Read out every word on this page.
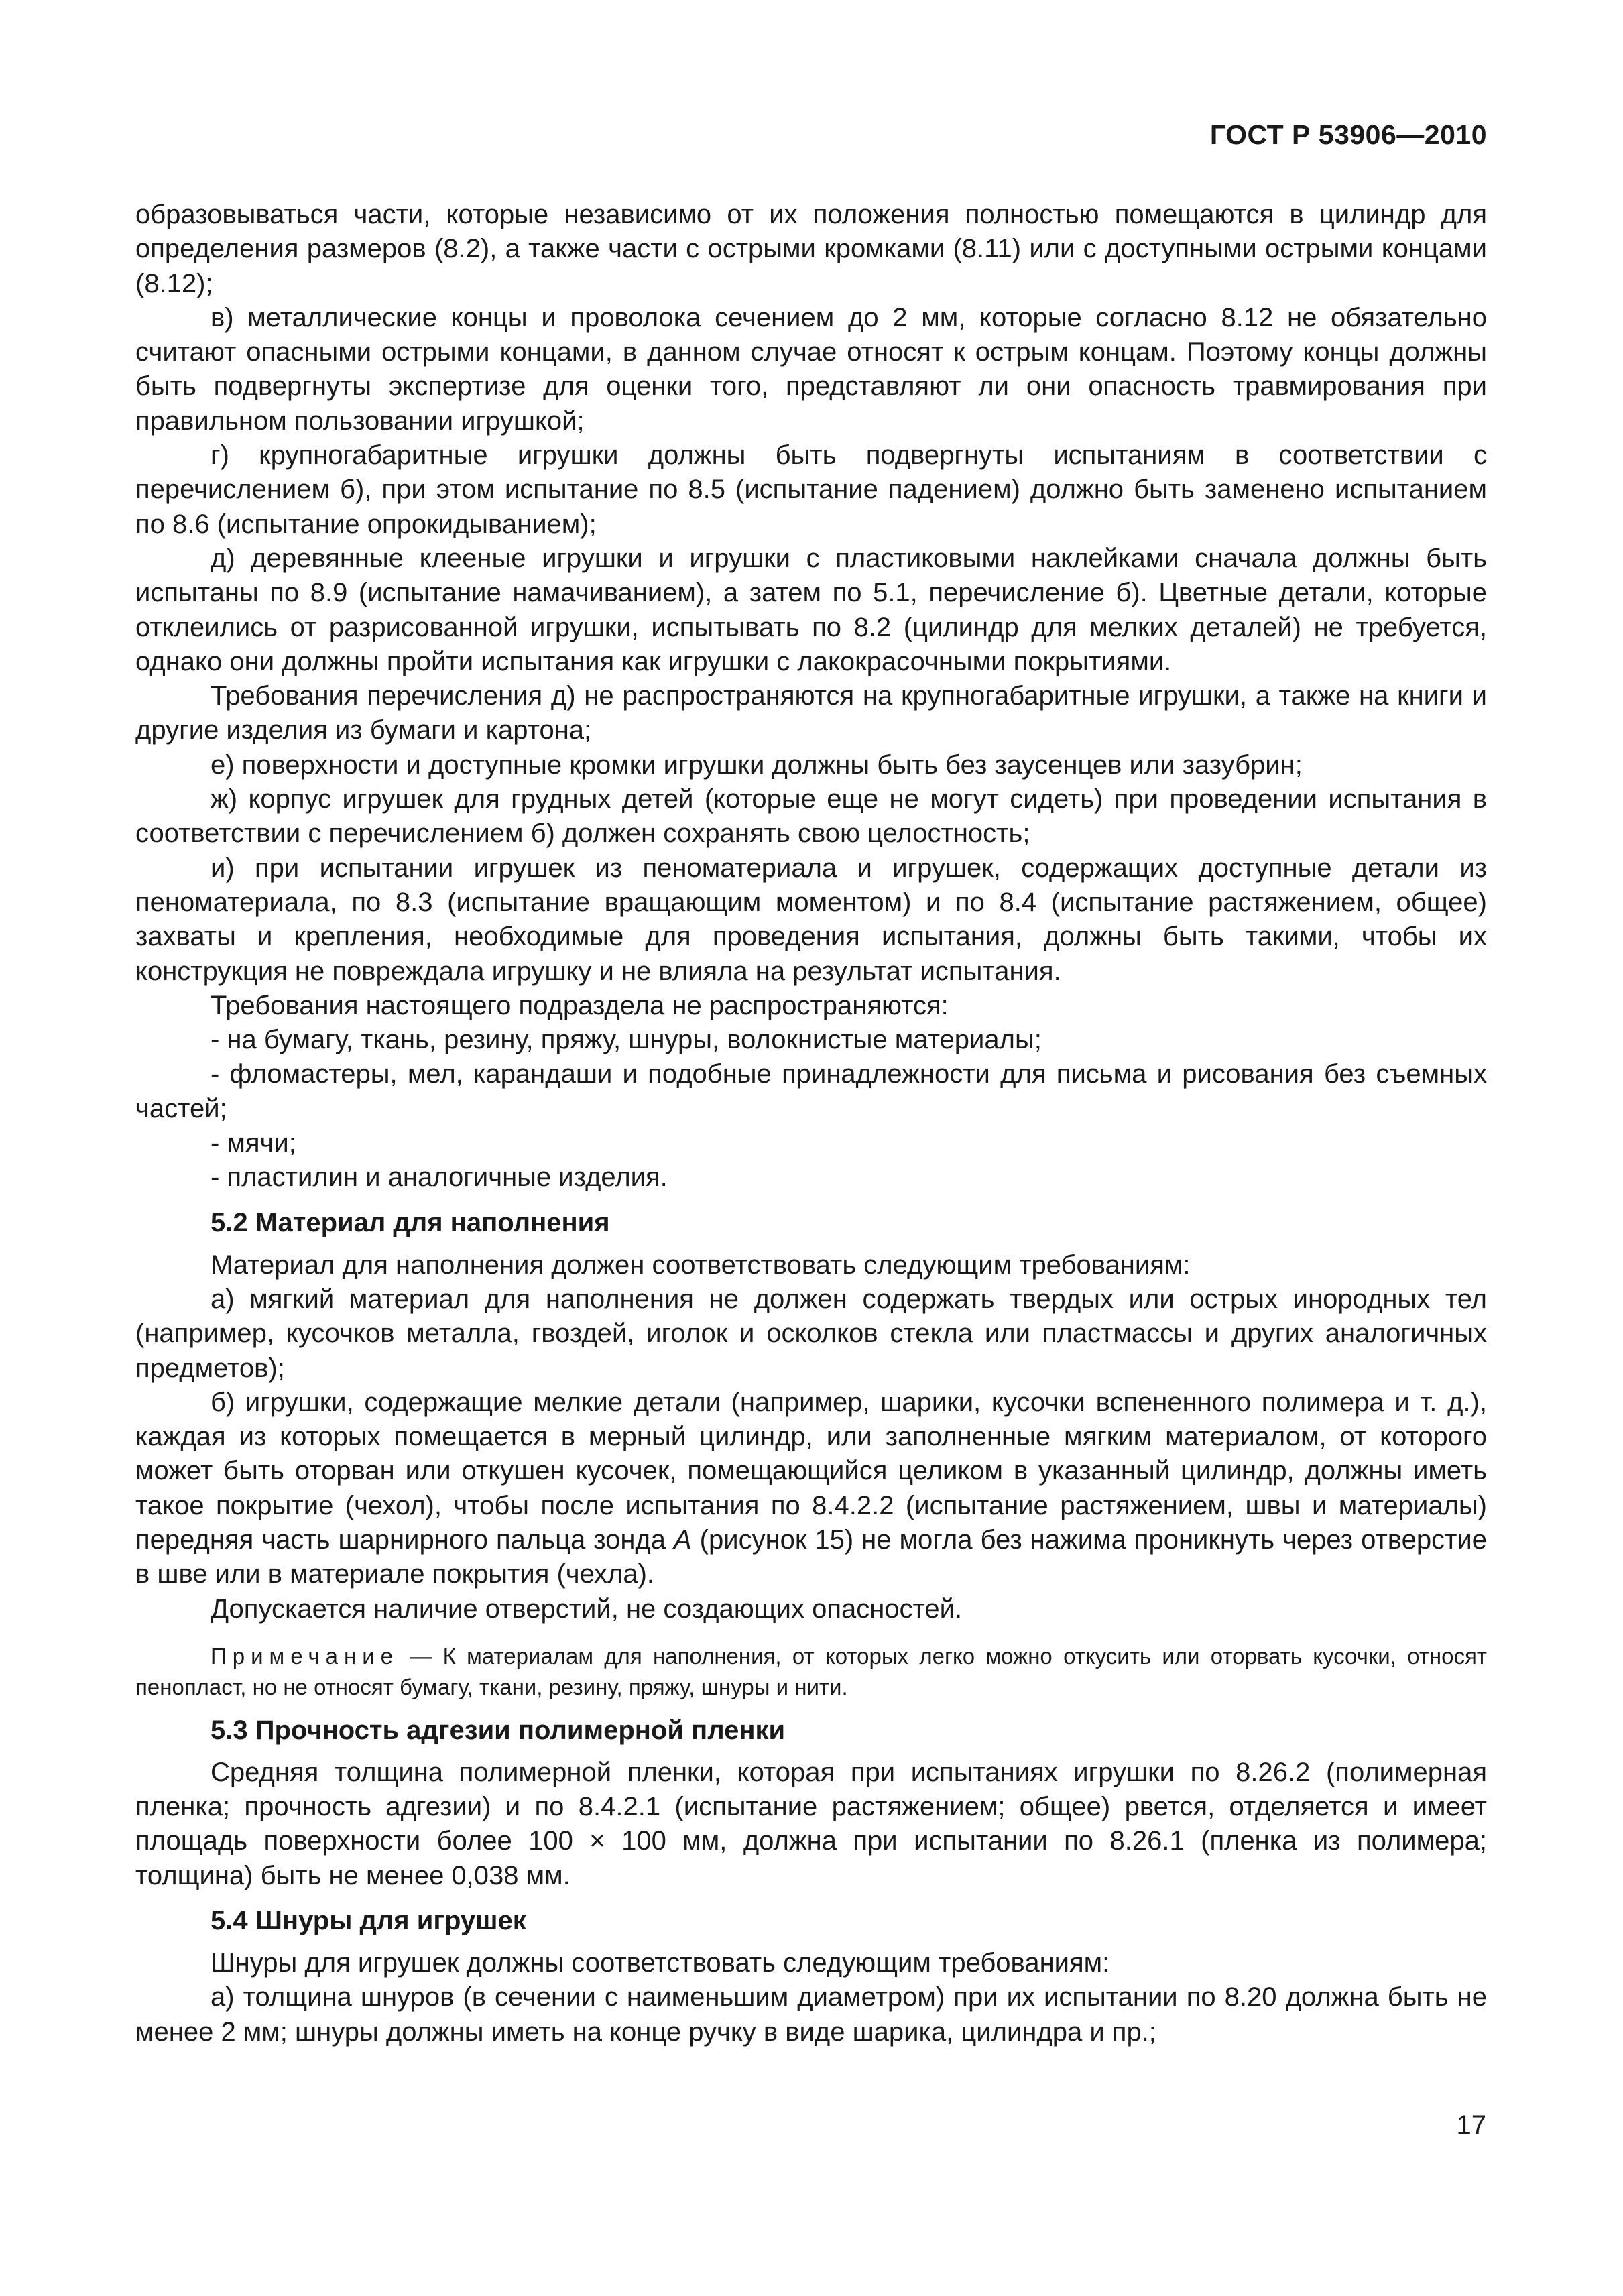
ГОСТ Р 53906—2010

образовываться части, которые независимо от их положения полностью помещаются в цилиндр для определения размеров (8.2), а также части с острыми кромками (8.11) или с доступными острыми концами (8.12);

в) металлические концы и проволока сечением до 2 мм, которые согласно 8.12 не обязательно считают опасными острыми концами, в данном случае относят к острым концам. Поэтому концы должны быть подвергнуты экспертизе для оценки того, представляют ли они опасность травмирования при правильном пользовании игрушкой;

г) крупногабаритные игрушки должны быть подвергнуты испытаниям в соответствии с перечислением б), при этом испытание по 8.5 (испытание падением) должно быть заменено испытанием по 8.6 (испытание опрокидыванием);

д) деревянные клееные игрушки и игрушки с пластиковыми наклейками сначала должны быть испытаны по 8.9 (испытание намачиванием), а затем по 5.1, перечисление б). Цветные детали, которые отклеились от разрисованной игрушки, испытывать по 8.2 (цилиндр для мелких деталей) не требуется, однако они должны пройти испытания как игрушки с лакокрасочными покрытиями.

Требования перечисления д) не распространяются на крупногабаритные игрушки, а также на книги и другие изделия из бумаги и картона;

е) поверхности и доступные кромки игрушки должны быть без заусенцев или зазубрин;

ж) корпус игрушек для грудных детей (которые еще не могут сидеть) при проведении испытания в соответствии с перечислением б) должен сохранять свою целостность;

и) при испытании игрушек из пеноматериала и игрушек, содержащих доступные детали из пеноматериала, по 8.3 (испытание вращающим моментом) и по 8.4 (испытание растяжением, общее) захваты и крепления, необходимые для проведения испытания, должны быть такими, чтобы их конструкция не повреждала игрушку и не влияла на результат испытания.

Требования настоящего подраздела не распространяются:

- на бумагу, ткань, резину, пряжу, шнуры, волокнистые материалы;

- фломастеры, мел, карандаши и подобные принадлежности для письма и рисования без съемных частей;

- мячи;

- пластилин и аналогичные изделия.

5.2 Материал для наполнения

Материал для наполнения должен соответствовать следующим требованиям:

а) мягкий материал для наполнения не должен содержать твердых или острых инородных тел (например, кусочков металла, гвоздей, иголок и осколков стекла или пластмассы и других аналогичных предметов);

б) игрушки, содержащие мелкие детали (например, шарики, кусочки вспененного полимера и т. д.), каждая из которых помещается в мерный цилиндр, или заполненные мягким материалом, от которого может быть оторван или откушен кусочек, помещающийся целиком в указанный цилиндр, должны иметь такое покрытие (чехол), чтобы после испытания по 8.4.2.2 (испытание растяжением, швы и материалы) передняя часть шарнирного пальца зонда А (рисунок 15) не могла без нажима проникнуть через отверстие в шве или в материале покрытия (чехла).

Допускается наличие отверстий, не создающих опасностей.

Примечание — К материалам для наполнения, от которых легко можно откусить или оторвать кусочки, относят пенопласт, но не относят бумагу, ткани, резину, пряжу, шнуры и нити.

5.3 Прочность адгезии полимерной пленки

Средняя толщина полимерной пленки, которая при испытаниях игрушки по 8.26.2 (полимерная пленка; прочность адгезии) и по 8.4.2.1 (испытание растяжением; общее) рвется, отделяется и имеет площадь поверхности более 100 × 100 мм, должна при испытании по 8.26.1 (пленка из полимера; толщина) быть не менее 0,038 мм.

5.4 Шнуры для игрушек

Шнуры для игрушек должны соответствовать следующим требованиям:

а) толщина шнуров (в сечении с наименьшим диаметром) при их испытании по 8.20 должна быть не менее 2 мм; шнуры должны иметь на конце ручку в виде шарика, цилиндра и пр.;

17
